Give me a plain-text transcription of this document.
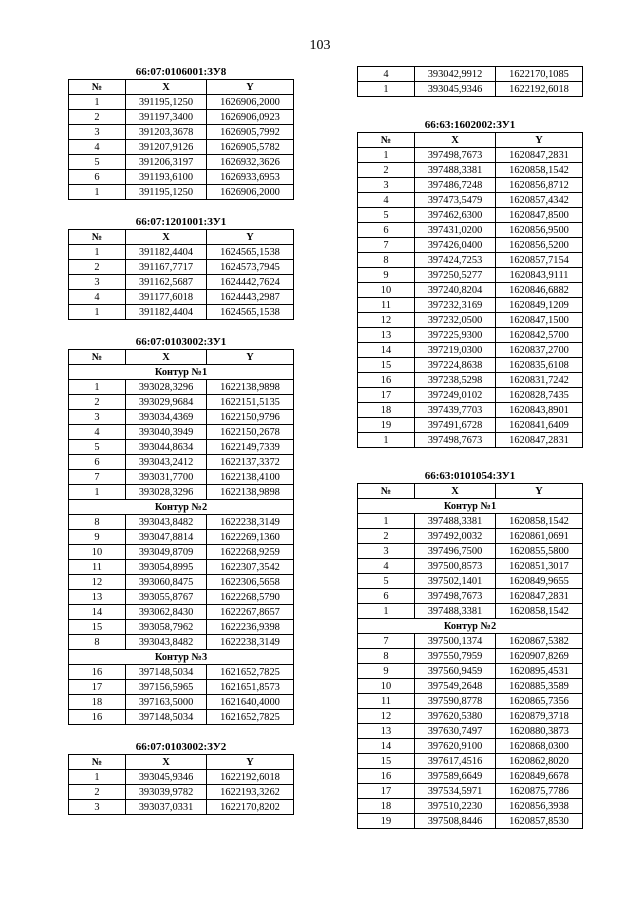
103
66:07:0106001:ЗУ8
№	X	Y
1	391195,1250	1626906,2000
2	391197,3400	1626906,0923
3	391203,3678	1626905,7992
4	391207,9126	1626905,5782
5	391206,3197	1626932,3626
6	391193,6100	1626933,6953
1	391195,1250	1626906,2000
66:07:1201001:ЗУ1
№	X	Y
1	391182,4404	1624565,1538
2	391167,7717	1624573,7945
3	391162,5687	1624442,7624
4	391177,6018	1624443,2987
1	391182,4404	1624565,1538
66:07:0103002:ЗУ1
№	X	Y
Контур №1		
1	393028,3296	1622138,9898
2	393029,9684	1622151,5135
3	393034,4369	1622150,9796
4	393040,3949	1622150,2678
5	393044,8634	1622149,7339
6	393043,2412	1622137,3372
7	393031,7700	1622138,4100
1	393028,3296	1622138,9898
Контур №2		
8	393043,8482	1622238,3149
9	393047,8814	1622269,1360
10	393049,8709	1622268,9259
11	393054,8995	1622307,3542
12	393060,8475	1622306,5658
13	393055,8767	1622268,5790
14	393062,8430	1622267,8657
15	393058,7962	1622236,9398
8	393043,8482	1622238,3149
Контур №3		
16	397148,5034	1621652,7825
17	397156,5965	1621651,8573
18	397163,5000	1621640,4000
16	397148,5034	1621652,7825
66:07:0103002:ЗУ2
№	X	Y
1	393045,9346	1622192,6018
2	393039,9782	1622193,3262
3	393037,0331	1622170,8202
4	393042,9912	1622170,1085
1	393045,9346	1622192,6018
66:63:1602002:ЗУ1
№	X	Y
1	397498,7673	1620847,2831
2	397488,3381	1620858,1542
3	397486,7248	1620856,8712
4	397473,5479	1620857,4342
5	397462,6300	1620847,8500
6	397431,0200	1620856,9500
7	397426,0400	1620856,5200
8	397424,7253	1620857,7154
9	397250,5277	1620843,9111
10	397240,8204	1620846,6882
11	397232,3169	1620849,1209
12	397232,0500	1620847,1500
13	397225,9300	1620842,5700
14	397219,0300	1620837,2700
15	397224,8638	1620835,6108
16	397238,5298	1620831,7242
17	397249,0102	1620828,7435
18	397439,7703	1620843,8901
19	397491,6728	1620841,6409
1	397498,7673	1620847,2831
66:63:0101054:ЗУ1
№	X	Y
Контур №1		
1	397488,3381	1620858,1542
2	397492,0032	1620861,0691
3	397496,7500	1620855,5800
4	397500,8573	1620851,3017
5	397502,1401	1620849,9655
6	397498,7673	1620847,2831
1	397488,3381	1620858,1542
Контур №2		
7	397500,1374	1620867,5382
8	397550,7959	1620907,8269
9	397560,9459	1620895,4531
10	397549,2648	1620885,3589
11	397590,8778	1620865,7356
12	397620,5380	1620879,3718
13	397630,7497	1620880,3873
14	397620,9100	1620868,0300
15	397617,4516	1620862,8020
16	397589,6649	1620849,6678
17	397534,5971	1620875,7786
18	397510,2230	1620856,3938
19	397508,8446	1620857,8530
